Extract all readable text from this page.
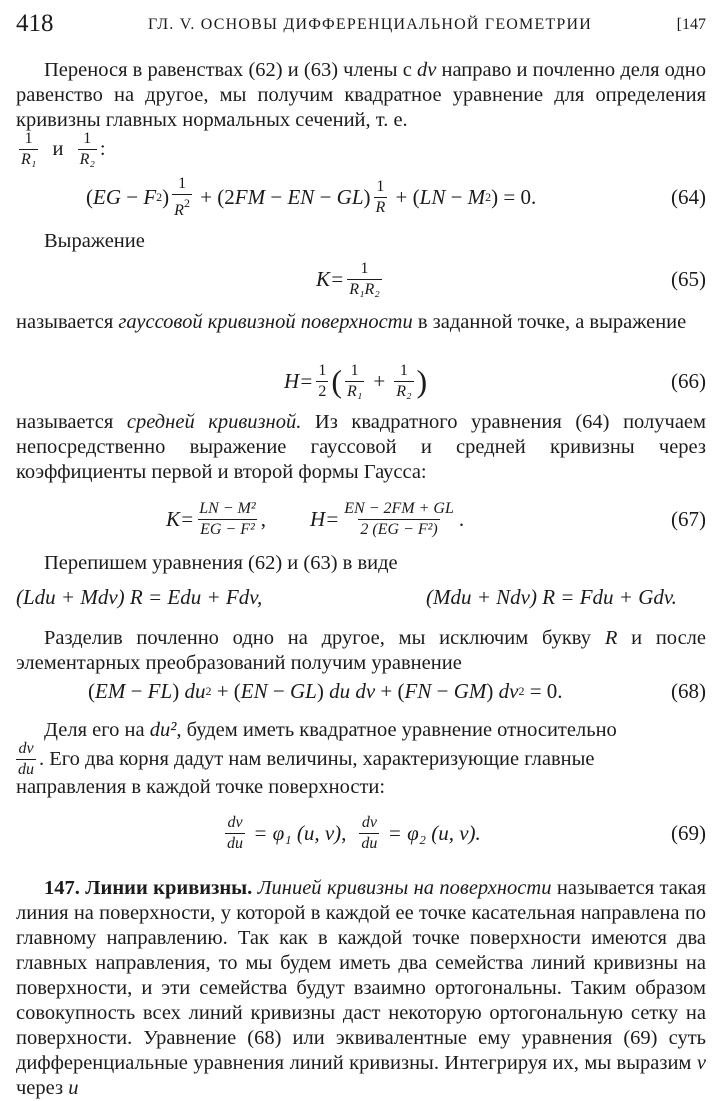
418	ГЛ. V. ОСНОВЫ ДИФФЕРЕНЦИАЛЬНОЙ ГЕОМЕТРИИ	[147
Перенося в равенствах (62) и (63) члены с dv направо и почленно деля одно равенство на другое, мы получим квадратное уравнение для определения кривизны главных нормальных сечений, т. е.
$\frac{1}{\text{R₁}}$ и $\frac{1}{\text{R₂}}$ :
( EG − F 2 ) $\frac{1}{R^2} + (2$ FM − EN − GL ) $\frac{1}{R}$ + ( LN − M 2 ) = 0.	(64)
Выражение
$K= \frac{1}{\text{R₁R₂}}$	(65)
называется гауссовой кривизной поверхности в заданной точке, а выражение
$H= \frac{1}{2}$ ( $\frac{1}{\text{R₁}} + \frac{1}{\text{R₂}}$ )	(66)
называется средней кривизной. Из квадратного уравнения (64) получаем непосредственно выражение гауссовой и средней кривизны через коэффициенты первой и второй формы Гаусса:
$K= \frac{\text{LN − M²}}{\text{EG − F²}}$ , $H= \frac{EN - 2FM + GL}{\text{2 (EG − F²)}}$ .	(67)
Перепишем уравнения (62) и (63) в виде
(Ldu + Mdv) R = Edu + Fdv,	(Mdu + Ndv) R = Fdu + Gdv.
Разделив почленно одно на другое, мы исключим букву R и после элементарных преобразований получим уравнение
( EM − FL ) du 2 + ( EN − GL ) du dv + ( FN − GM ) dv 2 = 0.	(68)
Деля его на du², будем иметь квадратное уравнение относительно
$\frac{dv}{du}$ . Его два корня дадут нам величины, характеризующие главные
направления в каждой точке поверхности:
$\frac{dv}{du} = \varphi_1$ (u, v), $\frac{dv}{du} = \varphi_2$ (u, v).	(69)
147. Линии кривизны. Линией кривизны на поверхности называется такая линия на поверхности, у которой в каждой ее точке касательная направлена по главному направлению. Так как в каждой точке поверхности имеются два главных направления, то мы будем иметь два семейства линий кривизны на поверхности, и эти семейства будут взаимно ортогональны. Таким образом совокупность всех линий кривизны даст некоторую ортогональную сетку на поверхности. Уравнение (68) или эквивалентные ему уравнения (69) суть дифференциальные уравнения линий кривизны. Интегрируя их, мы выразим v через u
